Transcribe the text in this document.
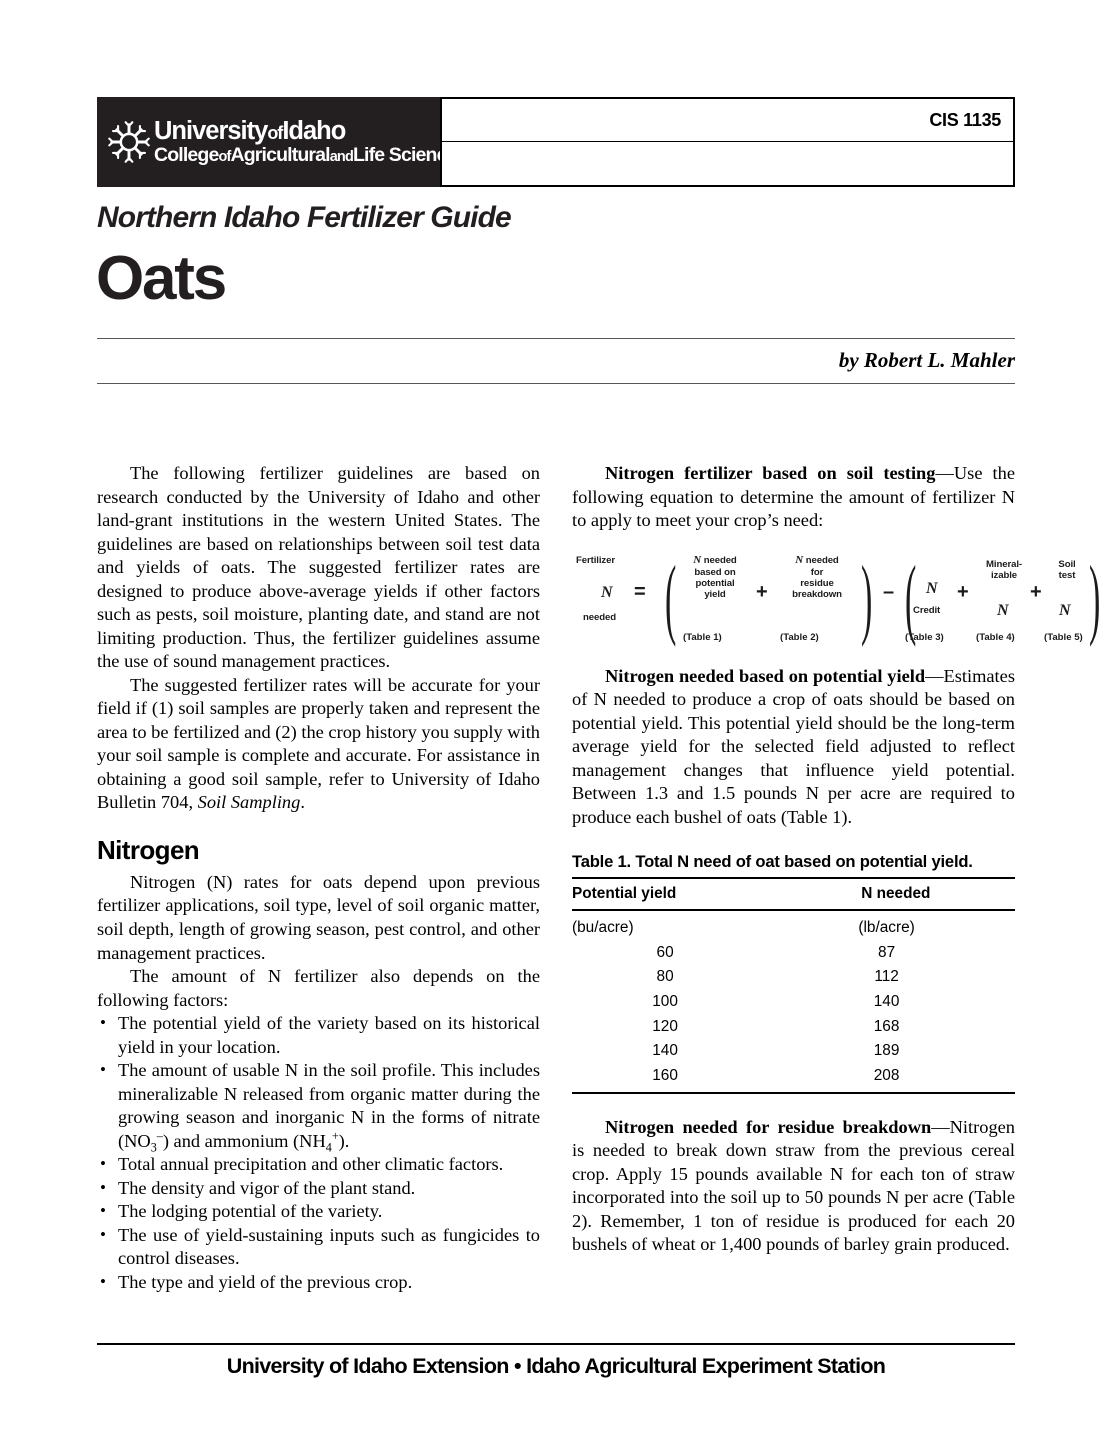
UniversityofIdaho
CollegeofAgriculturalandLife Sciences
CIS 1135
Northern Idaho Fertilizer Guide
Oats
by Robert L. Mahler

The following fertilizer guidelines are based on research conducted by the University of Idaho and other land-grant institutions in the western United States. The guidelines are based on relationships between soil test data and yields of oats. The suggested fertilizer rates are designed to produce above-average yields if other factors such as pests, soil moisture, planting date, and stand are not limiting production. Thus, the fertilizer guidelines assume the use of sound management practices.

The suggested fertilizer rates will be accurate for your field if (1) soil samples are properly taken and represent the area to be fertilized and (2) the crop history you supply with your soil sample is complete and accurate. For assistance in obtaining a good soil sample, refer to University of Idaho Bulletin 704, Soil Sampling.

Nitrogen

Nitrogen (N) rates for oats depend upon previous fertilizer applications, soil type, level of soil organic matter, soil depth, length of growing season, pest control, and other management practices.

The amount of N fertilizer also depends on the following factors:

• The potential yield of the variety based on its historical yield in your location.
• The amount of usable N in the soil profile. This includes mineralizable N released from organic matter during the growing season and inorganic N in the forms of nitrate $(NO_3^-)$ and ammonium $(NH_4^+)$.
• Total annual precipitation and other climatic factors.
• The density and vigor of the plant stand.
• The lodging potential of the variety.
• The use of yield-sustaining inputs such as fungicides to control diseases.
• The type and yield of the previous crop.

Nitrogen fertilizer based on soil testing—Use the following equation to determine the amount of fertilizer N to apply to meet your crop’s need:

Fertilizer
N
needed
= (	N needed
based on
potential
yield	+
N needed
for
residue
breakdown ) – ( N
Credit
+
Mineral-
izable
N
+
Soil
test
N )
(Table 1)	(Table 2)	(Table 3)	(Table 4)	(Table 5)

Nitrogen needed based on potential yield—Estimates of N needed to produce a crop of oats should be based on potential yield. This potential yield should be the long-term average yield for the selected field adjusted to reflect management changes that influence yield potential. Between 1.3 and 1.5 pounds N per acre are required to produce each bushel of oats (Table 1).

Table 1. Total N need of oat based on potential yield.
Potential yield	N needed
(bu/acre)	(lb/acre)
60	87
80	112
100	140
120	168
140	189
160	208

Nitrogen needed for residue breakdown—Nitrogen is needed to break down straw from the previous cereal crop. Apply 15 pounds available N for each ton of straw incorporated into the soil up to 50 pounds N per acre (Table 2). Remember, 1 ton of residue is produced for each 20 bushels of wheat or 1,400 pounds of barley grain produced.

University of Idaho Extension • Idaho Agricultural Experiment Station
